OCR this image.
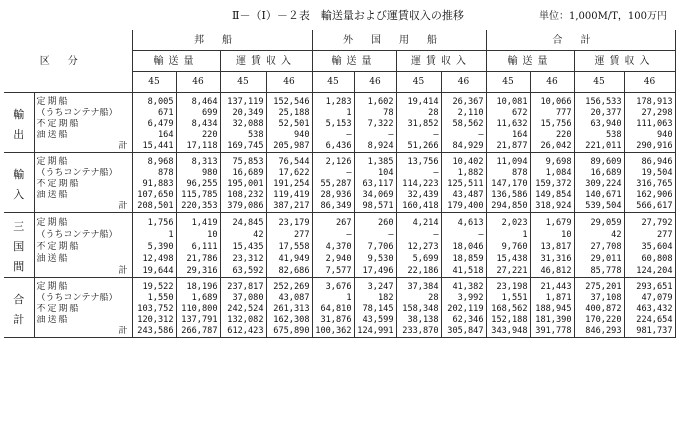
Ⅱ－（Ⅰ）－２表　輸送量および運賃収入の推移	単位：1,000M/T，100万円
区分		邦船				外国用船				合計			
		輸送量		運賃収入		輸送量		運賃収入		輸送量		運賃収入	
		45	46	45	46	45	46	45	46	45	46	45	46
輸
出	定期船	8,005	8,464	137,119	152,546	1,283	1,602	19,414	26,367	10,081	10,066	156,533	178,913
	（うちコンテナ船）	671	699	20,349	25,188	1	78	28	2,110	672	777	20,377	27,298
	不定期船	6,479	8,434	32,088	52,501	5,153	7,322	31,852	58,562	11,632	15,756	63,940	111,063
	油送船	164	220	538	940	—	—	—	—	164	220	538	940
	計	15,441	17,118	169,745	205,987	6,436	8,924	51,266	84,929	21,877	26,042	221,011	290,916
輸
入	定期船	8,968	8,313	75,853	76,544	2,126	1,385	13,756	10,402	11,094	9,698	89,609	86,946
	（うちコンテナ船）	878	980	16,689	17,622	—	104	—	1,882	878	1,084	16,689	19,504
	不定期船	91,883	96,255	195,001	191,254	55,287	63,117	114,223	125,511	147,170	159,372	309,224	316,765
	油送船	107,650	115,785	108,232	119,419	28,936	34,069	32,439	43,487	136,586	149,854	140,671	162,906
	計	208,501	220,353	379,086	387,217	86,349	98,571	160,418	179,400	294,850	318,924	539,504	566,617
三
国
間	定期船	1,756	1,419	24,845	23,179	267	260	4,214	4,613	2,023	1,679	29,059	27,792
	（うちコンテナ船）	1	10	42	277	—	—	—	—	1	10	42	277
	不定期船	5,390	6,111	15,435	17,558	4,370	7,706	12,273	18,046	9,760	13,817	27,708	35,604
	油送船	12,498	21,786	23,312	41,949	2,940	9,530	5,699	18,859	15,438	31,316	29,011	60,808
	計	19,644	29,316	63,592	82,686	7,577	17,496	22,186	41,518	27,221	46,812	85,778	124,204
合
計	定期船	19,522	18,196	237,817	252,269	3,676	3,247	37,384	41,382	23,198	21,443	275,201	293,651
	（うちコンテナ船）	1,550	1,689	37,080	43,087	1	182	28	3,992	1,551	1,871	37,108	47,079
	不定期船	103,752	110,800	242,524	261,313	64,810	78,145	158,348	202,119	168,562	188,945	400,872	463,432
	油送船	120,312	137,791	132,082	162,308	31,876	43,599	38,138	62,346	152,188	181,390	170,220	224,654
	計	243,586	266,787	612,423	675,890	100,362	124,991	233,870	305,847	343,948	391,778	846,293	981,737
